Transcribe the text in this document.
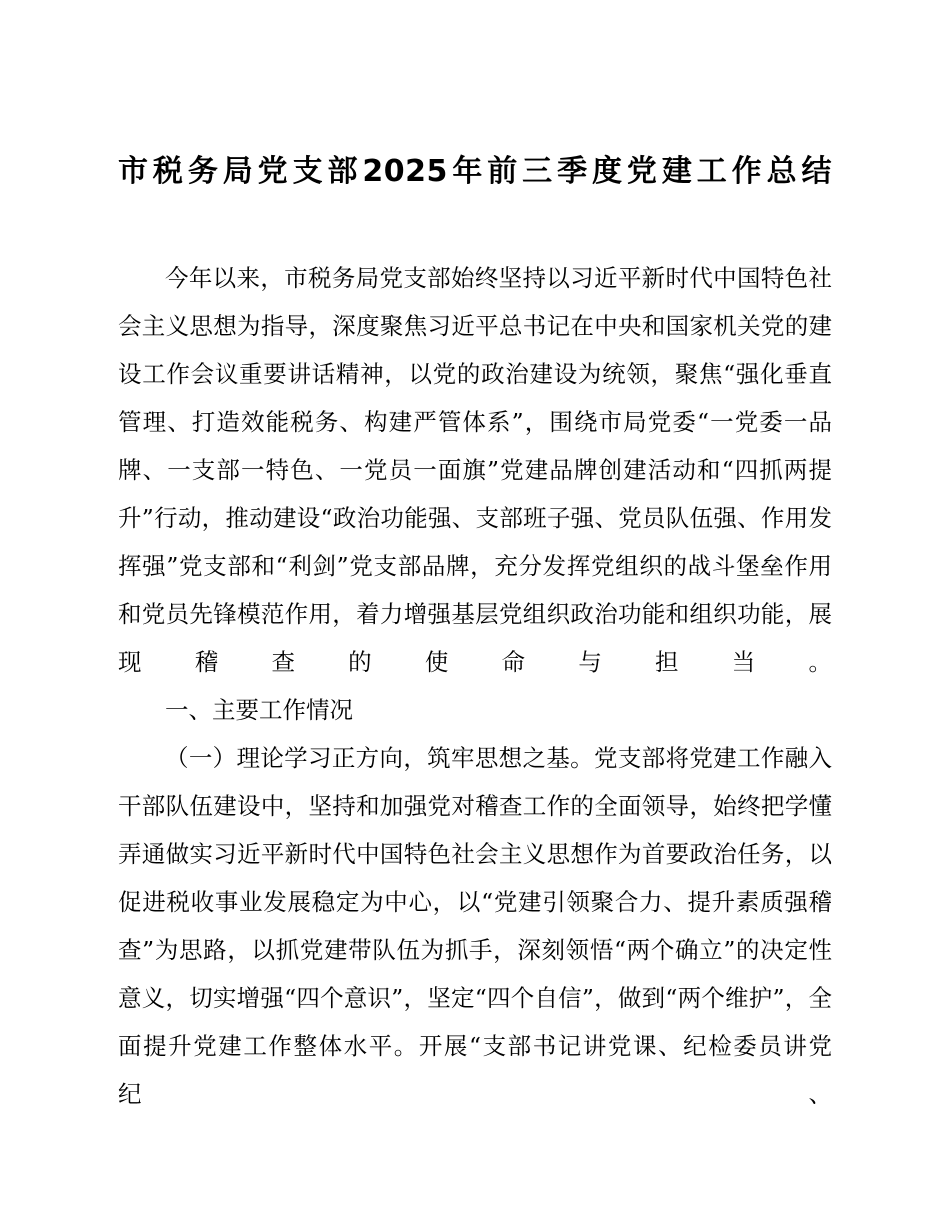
市税务局党支部2025年前三季度党建工作总结

今年以来，市税务局党支部始终坚持以习近平新时代中国特色社会主义思想为指导，深度聚焦习近平总书记在中央和国家机关党的建设工作会议重要讲话精神，以党的政治建设为统领，聚焦“强化垂直管理、打造效能税务、构建严管体系”，围绕市局党委“一党委一品牌、一支部一特色、一党员一面旗”党建品牌创建活动和“四抓两提升”行动，推动建设“政治功能强、支部班子强、党员队伍强、作用发挥强”党支部和“利剑”党支部品牌，充分发挥党组织的战斗堡垒作用和党员先锋模范作用，着力增强基层党组织政治功能和组织功能，展现稽查的使命与担当。

一、主要工作情况

（一）理论学习正方向，筑牢思想之基。党支部将党建工作融入干部队伍建设中，坚持和加强党对稽查工作的全面领导，始终把学懂弄通做实习近平新时代中国特色社会主义思想作为首要政治任务，以促进税收事业发展稳定为中心，以“党建引领聚合力、提升素质强稽查”为思路，以抓党建带队伍为抓手，深刻领悟“两个确立”的决定性意义，切实增强“四个意识”，坚定“四个自信”，做到“两个维护”，全面提升党建工作整体水平。开展“支部书记讲党课、纪检委员讲党纪、
